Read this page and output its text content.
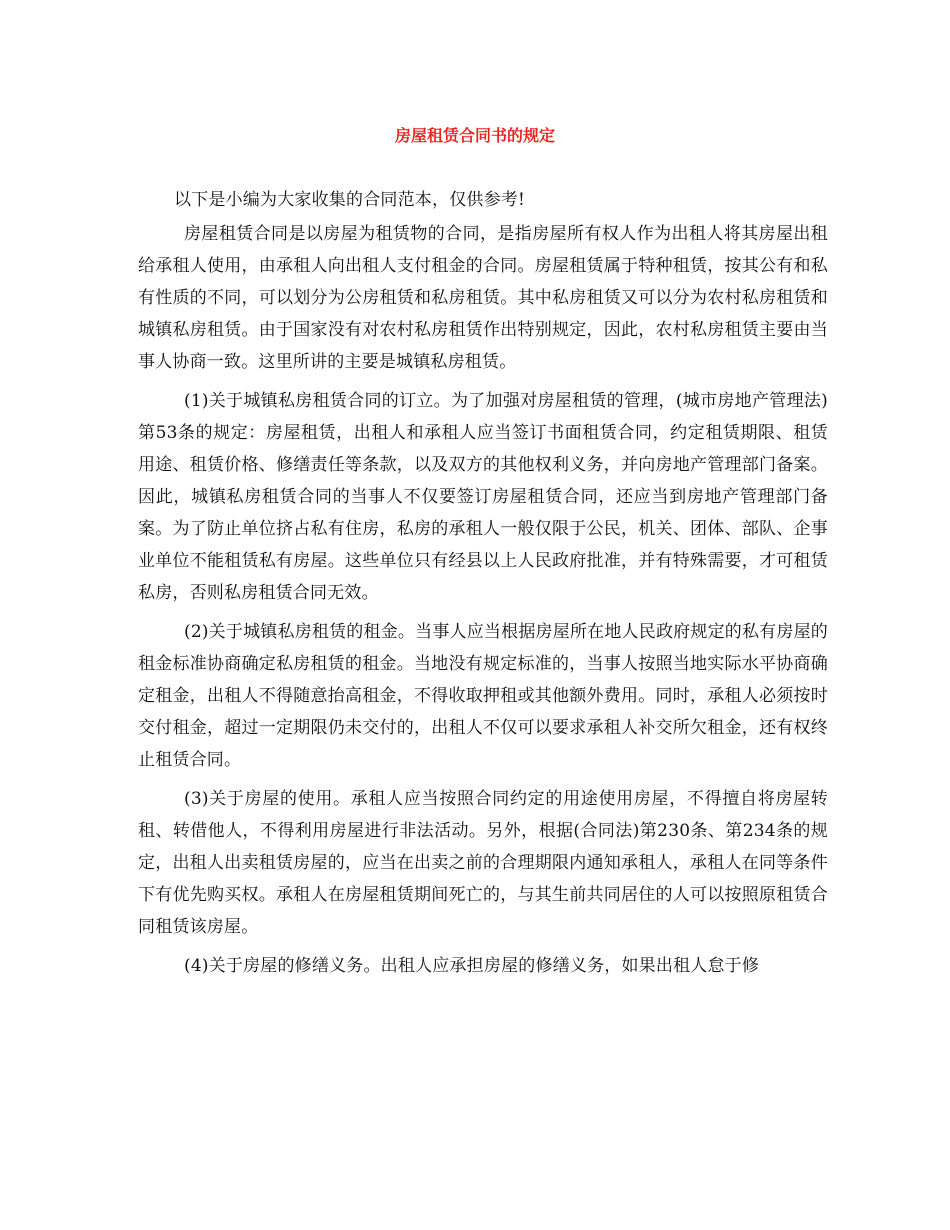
房屋租赁合同书的规定

以下是小编为大家收集的合同范本，仅供参考!

房屋租赁合同是以房屋为租赁物的合同，是指房屋所有权人作为出租人将其房屋出租给承租人使用，由承租人向出租人支付租金的合同。房屋租赁属于特种租赁，按其公有和私有性质的不同，可以划分为公房租赁和私房租赁。其中私房租赁又可以分为农村私房租赁和城镇私房租赁。由于国家没有对农村私房租赁作出特别规定，因此，农村私房租赁主要由当事人协商一致。这里所讲的主要是城镇私房租赁。

(1)关于城镇私房租赁合同的订立。为了加强对房屋租赁的管理，(城市房地产管理法)第53条的规定：房屋租赁，出租人和承租人应当签订书面租赁合同，约定租赁期限、租赁用途、租赁价格、修缮责任等条款，以及双方的其他权利义务，并向房地产管理部门备案。因此，城镇私房租赁合同的当事人不仅要签订房屋租赁合同，还应当到房地产管理部门备案。为了防止单位挤占私有住房，私房的承租人一般仅限于公民，机关、团体、部队、企事业单位不能租赁私有房屋。这些单位只有经县以上人民政府批准，并有特殊需要，才可租赁私房，否则私房租赁合同无效。

(2)关于城镇私房租赁的租金。当事人应当根据房屋所在地人民政府规定的私有房屋的租金标准协商确定私房租赁的租金。当地没有规定标准的，当事人按照当地实际水平协商确定租金，出租人不得随意抬高租金，不得收取押租或其他额外费用。同时，承租人必须按时交付租金，超过一定期限仍未交付的，出租人不仅可以要求承租人补交所欠租金，还有权终止租赁合同。

(3)关于房屋的使用。承租人应当按照合同约定的用途使用房屋，不得擅自将房屋转租、转借他人，不得利用房屋进行非法活动。另外，根据(合同法)第230条、第234条的规定，出租人出卖租赁房屋的，应当在出卖之前的合理期限内通知承租人，承租人在同等条件下有优先购买权。承租人在房屋租赁期间死亡的，与其生前共同居住的人可以按照原租赁合同租赁该房屋。

(4)关于房屋的修缮义务。出租人应承担房屋的修缮义务，如果出租人怠于修
